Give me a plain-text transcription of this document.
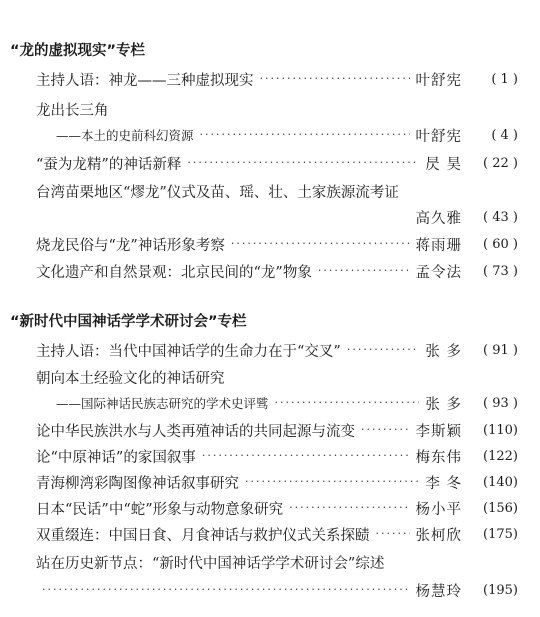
“龙的虚拟现实”专栏
主持人语：神龙——三种虚拟现实 ·····	叶舒宪	( 1 )
龙出长三角
——本土的史前科幻资源 ·····	叶舒宪	( 4 )
“蚕为龙精”的神话新释 ·····	昃 昊	( 22 )
台湾苗栗地区“熮龙”仪式及苗、瑶、壮、土家族源流考证
高久雅	( 43 )
烧龙民俗与“龙”神话形象考察 ·····	蒋雨珊	( 60 )
文化遗产和自然景观：北京民间的“龙”物象 ·····	孟令法	( 73 )
“新时代中国神话学学术研讨会”专栏
主持人语：当代中国神话学的生命力在于“交叉” ·····	张 多	( 91 )
朝向本土经验文化的神话研究
——国际神话民族志研究的学术史评骘 ·····	张 多	( 93 )
论中华民族洪水与人类再殖神话的共同起源与流变 ·····	李斯颖	(110)
论“中原神话”的家国叙事 ·····	梅东伟	(122)
青海柳湾彩陶图像神话叙事研究 ·····	李 冬	(140)
日本“民话”中“蛇”形象与动物意象研究 ·····	杨小平	(156)
双重缀连：中国日食、月食神话与救护仪式关系探赜 ·····	张柯欣	(175)
站在历史新节点：“新时代中国神话学学术研讨会”综述
·····
杨慧玲	(195)
